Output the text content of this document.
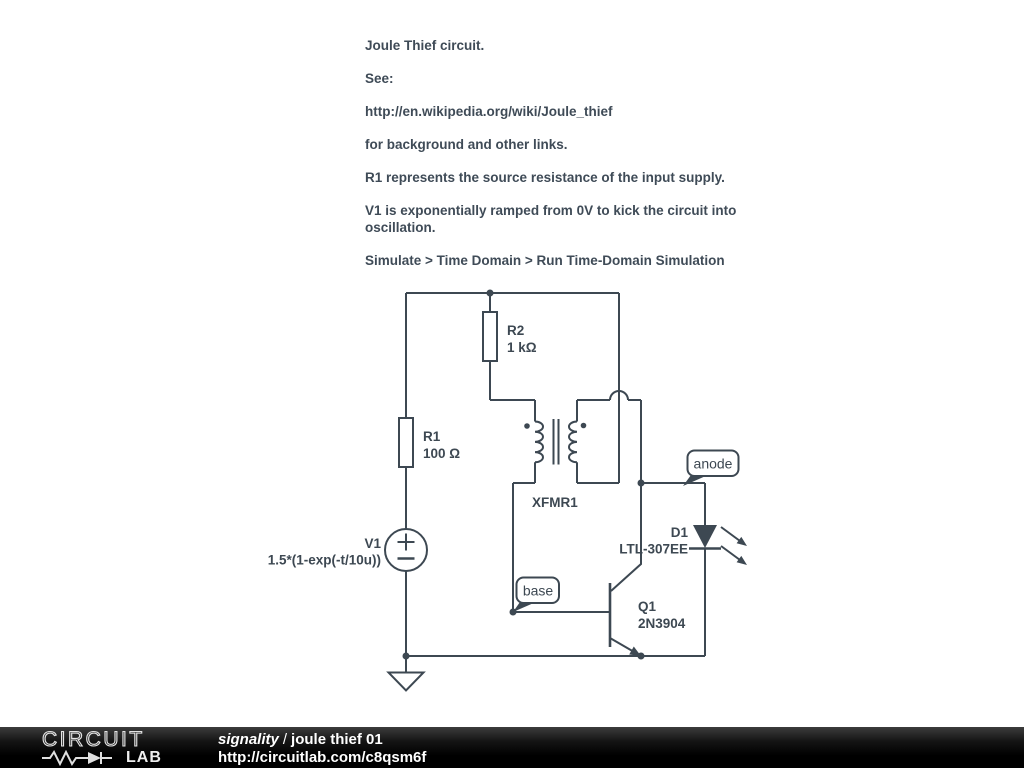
Joule Thief circuit.

See:

http://en.wikipedia.org/wiki/Joule_thief

for background and other links.

R1 represents the source resistance of the input supply.

V1 is exponentially ramped from 0V to kick the circuit into oscillation.

Simulate > Time Domain > Run Time-Domain Simulation

R1
100 Ω
V1
1.5*(1-exp(-t/10u))
R2
1 kΩ
XFMR1
Q1
2N3904
D1
LTL-307EE
anode
base
CIRCUIT
LAB
signality / joule thief 01
http://circuitlab.com/c8qsm6f
